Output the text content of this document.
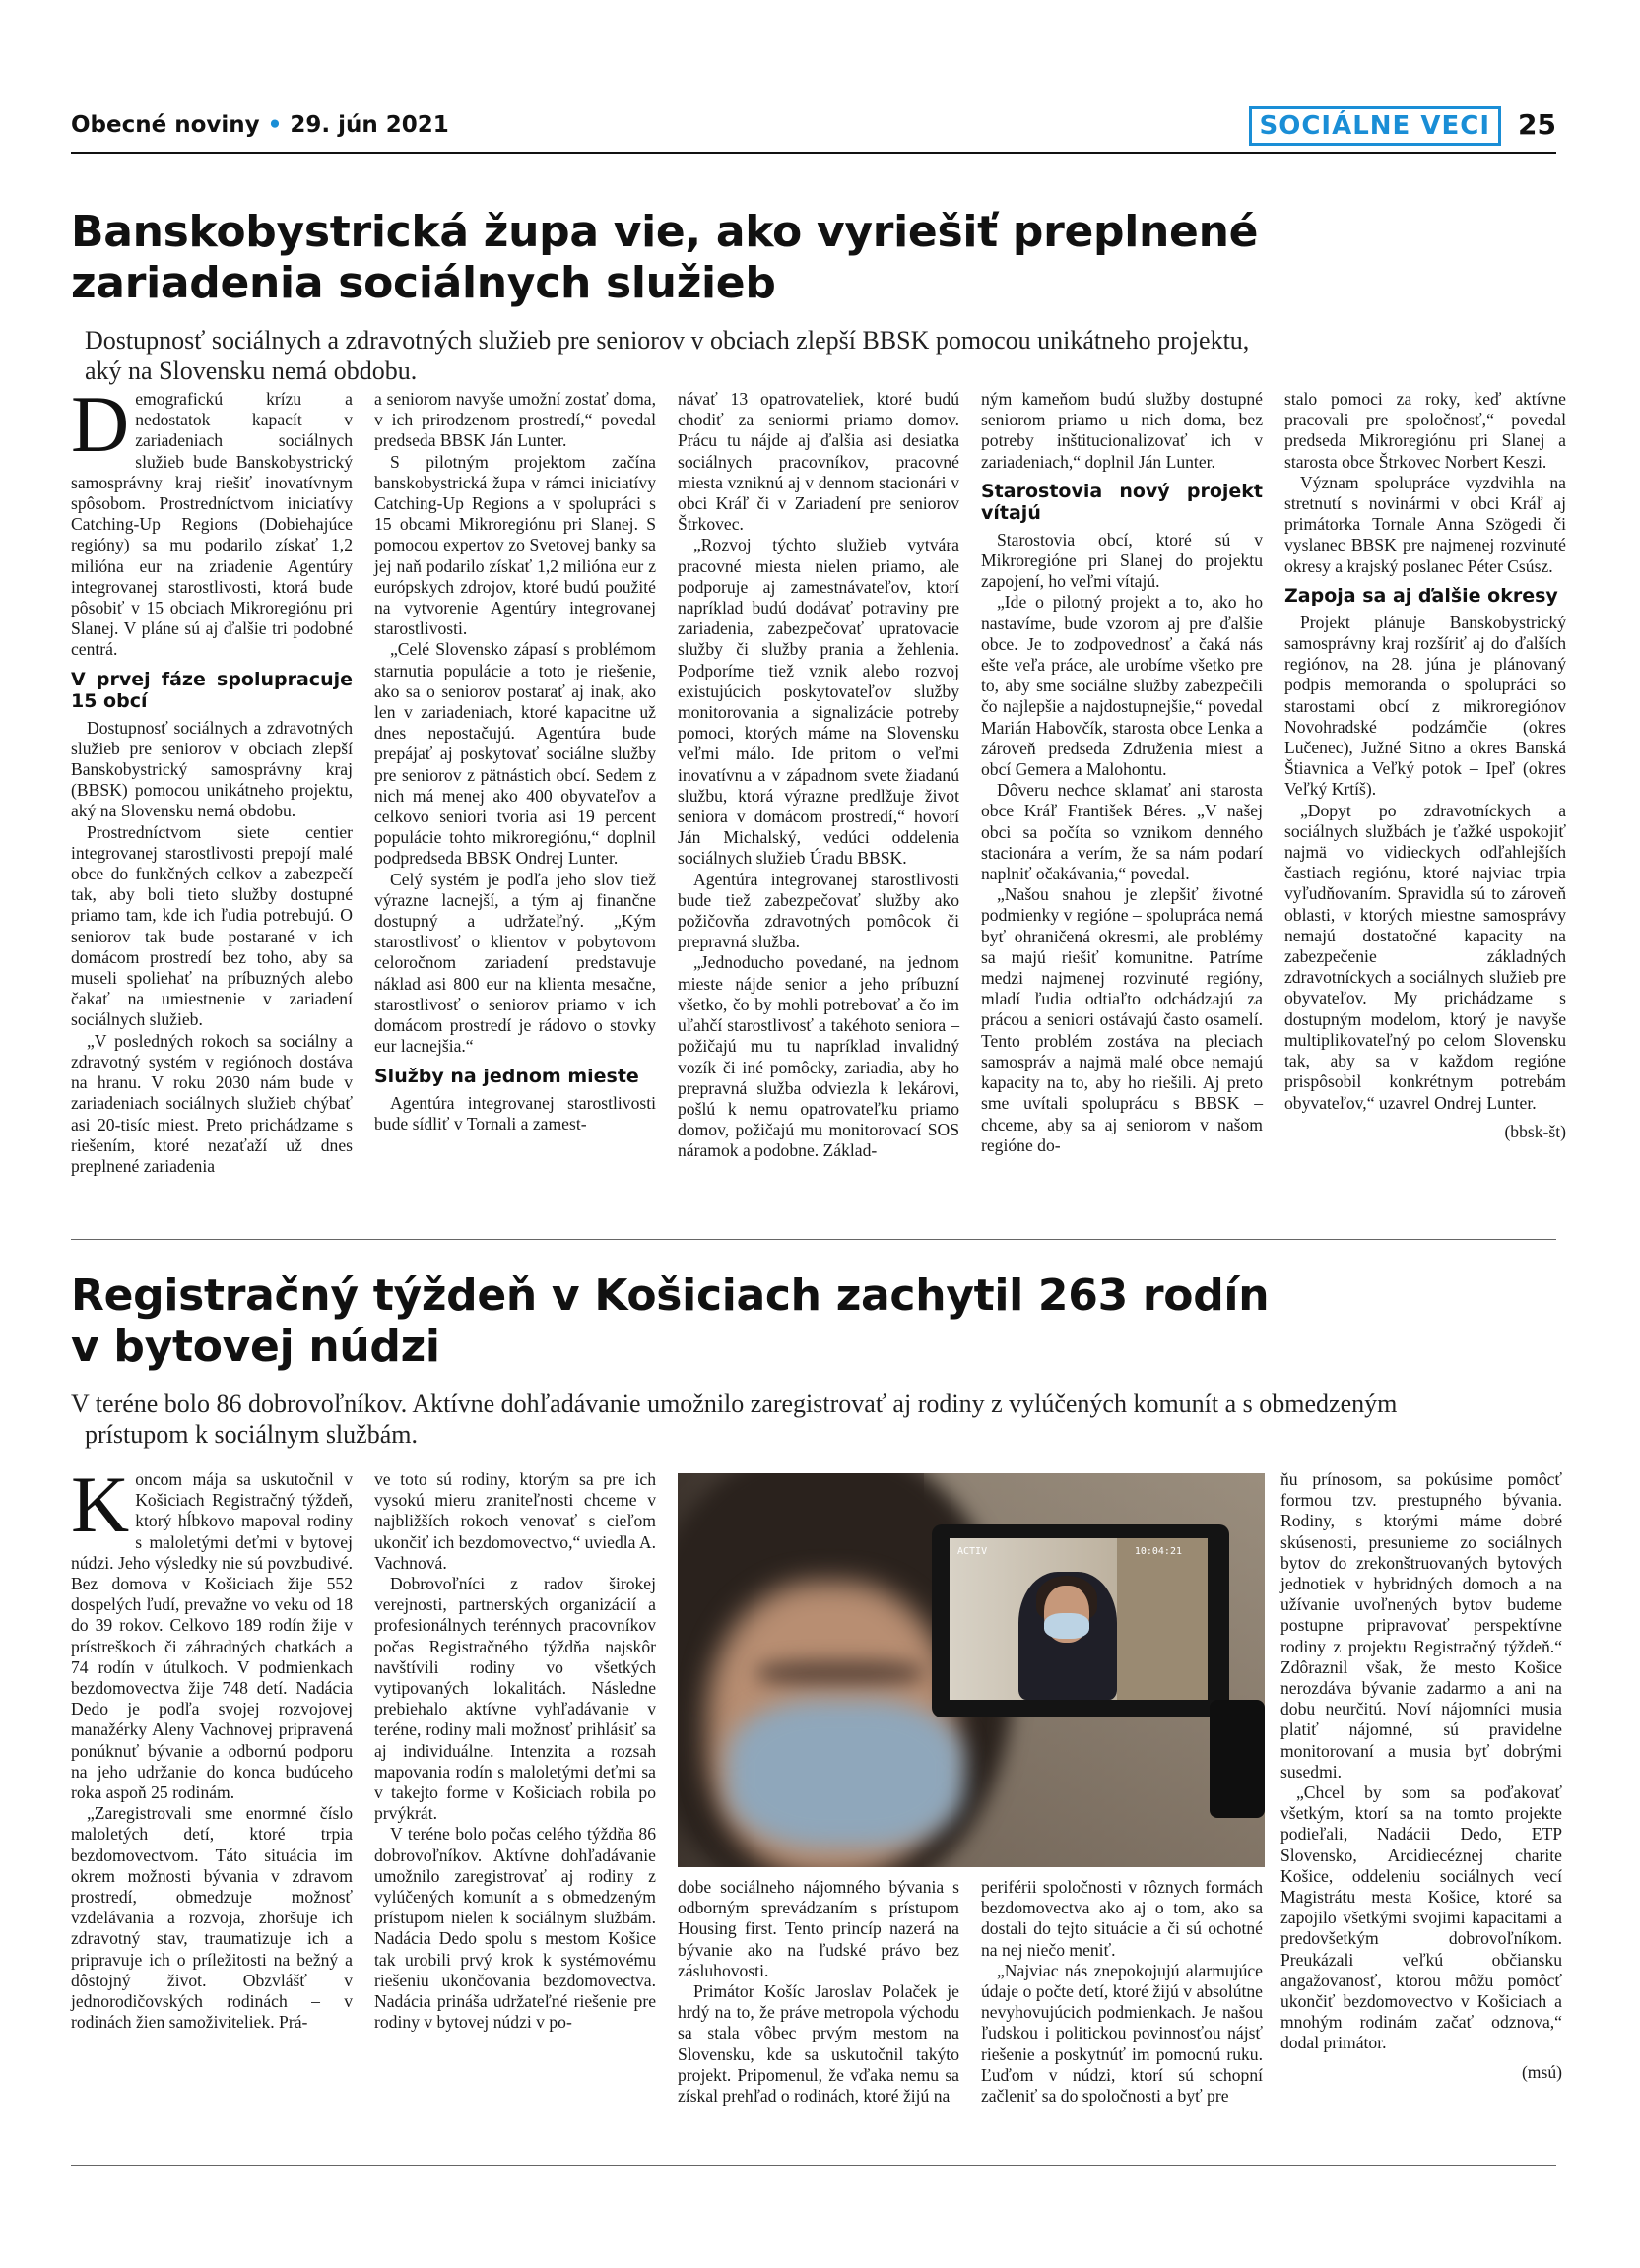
Obecné noviny • 29. jún 2021	SOCIÁLNE VECI	25
Banskobystrická župa vie, ako vyriešiť preplnené
zariadenia sociálnych služieb
Dostupnosť sociálnych a zdravotných služieb pre seniorov v obciach zlepší BBSK pomocou unikátneho projektu,
aký na Slovensku nemá obdobu.

Demografickú krízu a nedostatok kapacít v zariadeniach sociálnych služieb bude Banskobystrický samosprávny kraj riešiť inovatívnym spôsobom. Prostredníctvom iniciatívy Catching-Up Regions (Dobiehajúce regióny) sa mu podarilo získať 1,2 milióna eur na zriadenie Agentúry integrovanej starostlivosti, ktorá bude pôsobiť v 15 obciach Mikroregiónu pri Slanej. V pláne sú aj ďalšie tri podobné centrá.

V prvej fáze spolupracuje 15 obcí

Dostupnosť sociálnych a zdravotných služieb pre seniorov v obciach zlepší Banskobystrický samosprávny kraj (BBSK) pomocou unikátneho projektu, aký na Slovensku nemá obdobu.

Prostredníctvom siete centier integrovanej starostlivosti prepojí malé obce do funkčných celkov a zabezpečí tak, aby boli tieto služby dostupné priamo tam, kde ich ľudia potrebujú. O seniorov tak bude postarané v ich domácom prostredí bez toho, aby sa museli spoliehať na príbuzných alebo čakať na umiestnenie v zariadení sociálnych služieb.

„V posledných rokoch sa sociálny a zdravotný systém v regiónoch dostáva na hranu. V roku 2030 nám bude v zariadeniach sociálnych služieb chýbať asi 20-tisíc miest. Preto prichádzame s riešením, ktoré nezaťaží už dnes preplnené zariadenia

a seniorom navyše umožní zostať doma, v ich prirodzenom prostredí,“ povedal predseda BBSK Ján Lunter.

S pilotným projektom začína banskobystrická župa v rámci iniciatívy Catching-Up Regions a v spolupráci s 15 obcami Mikroregiónu pri Slanej. S pomocou expertov zo Svetovej banky sa jej naň podarilo získať 1,2 milióna eur z európskych zdrojov, ktoré budú použité na vytvorenie Agentúry integrovanej starostlivosti.

„Celé Slovensko zápasí s problémom starnutia populácie a toto je riešenie, ako sa o seniorov postarať aj inak, ako len v zariadeniach, ktoré kapacitne už dnes nepostačujú. Agentúra bude prepájať aj poskytovať sociálne služby pre seniorov z pätnástich obcí. Sedem z nich má menej ako 400 obyvateľov a celkovo seniori tvoria asi 19 percent populácie tohto mikroregiónu,“ doplnil podpredseda BBSK Ondrej Lunter.

Celý systém je podľa jeho slov tiež výrazne lacnejší, a tým aj finančne dostupný a udržateľný. „Kým starostlivosť o klientov v pobytovom celoročnom zariadení predstavuje náklad asi 800 eur na klienta mesačne, starostlivosť o seniorov priamo v ich domácom prostredí je rádovo o stovky eur lacnejšia.“

Služby na jednom mieste

Agentúra integrovanej starostlivosti bude sídliť v Tornali a zamest-

návať 13 opatrovateliek, ktoré budú chodiť za seniormi priamo domov. Prácu tu nájde aj ďalšia asi desiatka sociálnych pracovníkov, pracovné miesta vzniknú aj v dennom stacionári v obci Kráľ či v Zariadení pre seniorov Štrkovec.

„Rozvoj týchto služieb vytvára pracovné miesta nielen priamo, ale podporuje aj zamestnávateľov, ktorí napríklad budú dodávať potraviny pre zariadenia, zabezpečovať upratovacie služby či služby prania a žehlenia. Podporíme tiež vznik alebo rozvoj existujúcich poskytovateľov služby monitorovania a signalizácie potreby pomoci, ktorých máme na Slovensku veľmi málo. Ide pritom o veľmi inovatívnu a v západnom svete žiadanú službu, ktorá výrazne predlžuje život seniora v domácom prostredí,“ hovorí Ján Michalský, vedúci oddelenia sociálnych služieb Úradu BBSK.

Agentúra integrovanej starostlivosti bude tiež zabezpečovať služby ako požičovňa zdravotných pomôcok či prepravná služba.

„Jednoducho povedané, na jednom mieste nájde senior a jeho príbuzní všetko, čo by mohli potrebovať a čo im uľahčí starostlivosť a takéhoto seniora – požičajú mu tu napríklad invalidný vozík či iné pomôcky, zariadia, aby ho prepravná služba odviezla k lekárovi, pošlú k nemu opatrovateľku priamo domov, požičajú mu monitorovací SOS náramok a podobne. Základ-

ným kameňom budú služby dostupné seniorom priamo u nich doma, bez potreby inštitucionalizovať ich v zariadeniach,“ doplnil Ján Lunter.

Starostovia nový projekt vítajú

Starostovia obcí, ktoré sú v Mikroregióne pri Slanej do projektu zapojení, ho veľmi vítajú.

„Ide o pilotný projekt a to, ako ho nastavíme, bude vzorom aj pre ďalšie obce. Je to zodpovednosť a čaká nás ešte veľa práce, ale urobíme všetko pre to, aby sme sociálne služby zabezpečili čo najlepšie a najdostupnejšie,“ povedal Marián Habovčík, starosta obce Lenka a zároveň predseda Združenia miest a obcí Gemera a Malohontu.

Dôveru nechce sklamať ani starosta obce Kráľ František Béres. „V našej obci sa počíta so vznikom denného stacionára a verím, že sa nám podarí naplniť očakávania,“ povedal.

„Našou snahou je zlepšiť životné podmienky v regióne – spolupráca nemá byť ohraničená okresmi, ale problémy sa majú riešiť komunitne. Patríme medzi najmenej rozvinuté regióny, mladí ľudia odtiaľto odchádzajú za prácou a seniori ostávajú často osamelí. Tento problém zostáva na pleciach samospráv a najmä malé obce nemajú kapacity na to, aby ho riešili. Aj preto sme uvítali spoluprácu s BBSK – chceme, aby sa aj seniorom v našom regióne do-

stalo pomoci za roky, keď aktívne pracovali pre spoločnosť,“ povedal predseda Mikroregiónu pri Slanej a starosta obce Štrkovec Norbert Keszi.

Význam spolupráce vyzdvihla na stretnutí s novinármi v obci Kráľ aj primátorka Tornale Anna Szögedi či vyslanec BBSK pre najmenej rozvinuté okresy a krajský poslanec Péter Csúsz.

Zapoja sa aj ďalšie okresy

Projekt plánuje Banskobystrický samosprávny kraj rozšíriť aj do ďalších regiónov, na 28. júna je plánovaný podpis memoranda o spolupráci so starostami obcí z mikroregiónov Novohradské podzámčie (okres Lučenec), Južné Sitno a okres Banská Štiavnica a Veľký potok – Ipeľ (okres Veľký Krtíš).

„Dopyt po zdravotníckych a sociálnych službách je ťažké uspokojiť najmä vo vidieckych odľahlejších častiach regiónu, ktoré najviac trpia vyľudňovaním. Spravidla sú to zároveň oblasti, v ktorých miestne samosprávy nemajú dostatočné kapacity na zabezpečenie základných zdravotníckych a sociálnych služieb pre obyvateľov. My prichádzame s dostupným modelom, ktorý je navyše multiplikovateľný po celom Slovensku tak, aby sa v každom regióne prispôsobil konkrétnym potrebám obyvateľov,“ uzavrel Ondrej Lunter.

(bbsk-št)

Registračný týždeň v Košiciach zachytil 263 rodín
v bytovej núdzi
V teréne bolo 86 dobrovoľníkov. Aktívne dohľadávanie umožnilo zaregistrovať aj rodiny z vylúčených komunít a s obmedzeným
prístupom k sociálnym službám.

Koncom mája sa uskutočnil v Košiciach Registračný týždeň, ktorý hĺbkovo mapoval rodiny s maloletými deťmi v bytovej núdzi. Jeho výsledky nie sú povzbudivé. Bez domova v Košiciach žije 552 dospelých ľudí, prevažne vo veku od 18 do 39 rokov. Celkovo 189 rodín žije v prístreškoch či záhradných chatkách a 74 rodín v útulkoch. V podmienkach bezdomovectva žije 748 detí. Nadácia Dedo je podľa svojej rozvojovej manažérky Aleny Vachnovej pripravená ponúknuť bývanie a odbornú podporu na jeho udržanie do konca budúceho roka aspoň 25 rodinám.

„Zaregistrovali sme enormné číslo maloletých detí, ktoré trpia bezdomovectvom. Táto situácia im okrem možnosti bývania v zdravom prostredí, obmedzuje možnosť vzdelávania a rozvoja, zhoršuje ich zdravotný stav, traumatizuje ich a pripravuje ich o príležitosti na bežný a dôstojný život. Obzvlášť v jednorodičovských rodinách – v rodinách žien samoživiteliek. Prá-

ve toto sú rodiny, ktorým sa pre ich vysokú mieru zraniteľnosti chceme v najbližších rokoch venovať s cieľom ukončiť ich bezdomovectvo,“ uviedla A. Vachnová.

Dobrovoľníci z radov širokej verejnosti, partnerských organizácií a profesionálnych terénnych pracovníkov počas Registračného týždňa najskôr navštívili rodiny vo všetkých vytipovaných lokalitách. Následne prebiehalo aktívne vyhľadávanie v teréne, rodiny mali možnosť prihlásiť sa aj individuálne. Intenzita a rozsah mapovania rodín s maloletými deťmi sa v takejto forme v Košiciach robila po prvýkrát.

V teréne bolo počas celého týždňa 86 dobrovoľníkov. Aktívne dohľadávanie umožnilo zaregistrovať aj rodiny z vylúčených komunít a s obmedzeným prístupom nielen k sociálnym službám. Nadácia Dedo spolu s mestom Košice tak urobili prvý krok k systémovému riešeniu ukončovania bezdomovectva. Nadácia prináša udržateľné riešenie pre rodiny v bytovej núdzi v po-

dobe sociálneho nájomného bývania s odborným sprevádzaním s prístupom Housing first. Tento princíp nazerá na bývanie ako na ľudské právo bez zásluhovosti.

Primátor Košíc Jaroslav Polaček je hrdý na to, že práve metropola východu sa stala vôbec prvým mestom na Slovensku, kde sa uskutočnil takýto projekt. Pripomenul, že vďaka nemu sa získal prehľad o rodinách, ktoré žijú na

periférii spoločnosti v rôznych formách bezdomovectva ako aj o tom, ako sa dostali do tejto situácie a či sú ochotné na nej niečo meniť.

„Najviac nás znepokojujú alarmujúce údaje o počte detí, ktoré žijú v absolútne nevyhovujúcich podmienkach. Je našou ľudskou i politickou povinnosťou nájsť riešenie a poskytnúť im pomocnú ruku. Ľuďom v núdzi, ktorí sú schopní začleniť sa do spoločnosti a byť pre

ňu prínosom, sa pokúsime pomôcť formou tzv. prestupného bývania. Rodiny, s ktorými máme dobré skúsenosti, presunieme zo sociálnych bytov do zrekonštruovaných bytových jednotiek v hybridných domoch a na užívanie uvoľnených bytov budeme postupne pripravovať perspektívne rodiny z projektu Registračný týždeň.“ Zdôraznil však, že mesto Košice nerozdáva bývanie zadarmo a ani na dobu neurčitú. Noví nájomníci musia platiť nájomné, sú pravidelne monitorovaní a musia byť dobrými susedmi.

„Chcel by som sa poďakovať všetkým, ktorí sa na tomto projekte podieľali, Nadácii Dedo, ETP Slovensko, Arcidiecéznej charite Košice, oddeleniu sociálnych vecí Magistrátu mesta Košice, ktoré sa zapojilo všetkými svojimi kapacitami a predovšetkým dobrovoľníkom. Preukázali veľkú občiansku angažovanosť, ktorou môžu pomôcť ukončiť bezdomovectvo v Košiciach a mnohým rodinám začať odznova,“ dodal primátor.

(msú)

ACTIV	10:04:21
